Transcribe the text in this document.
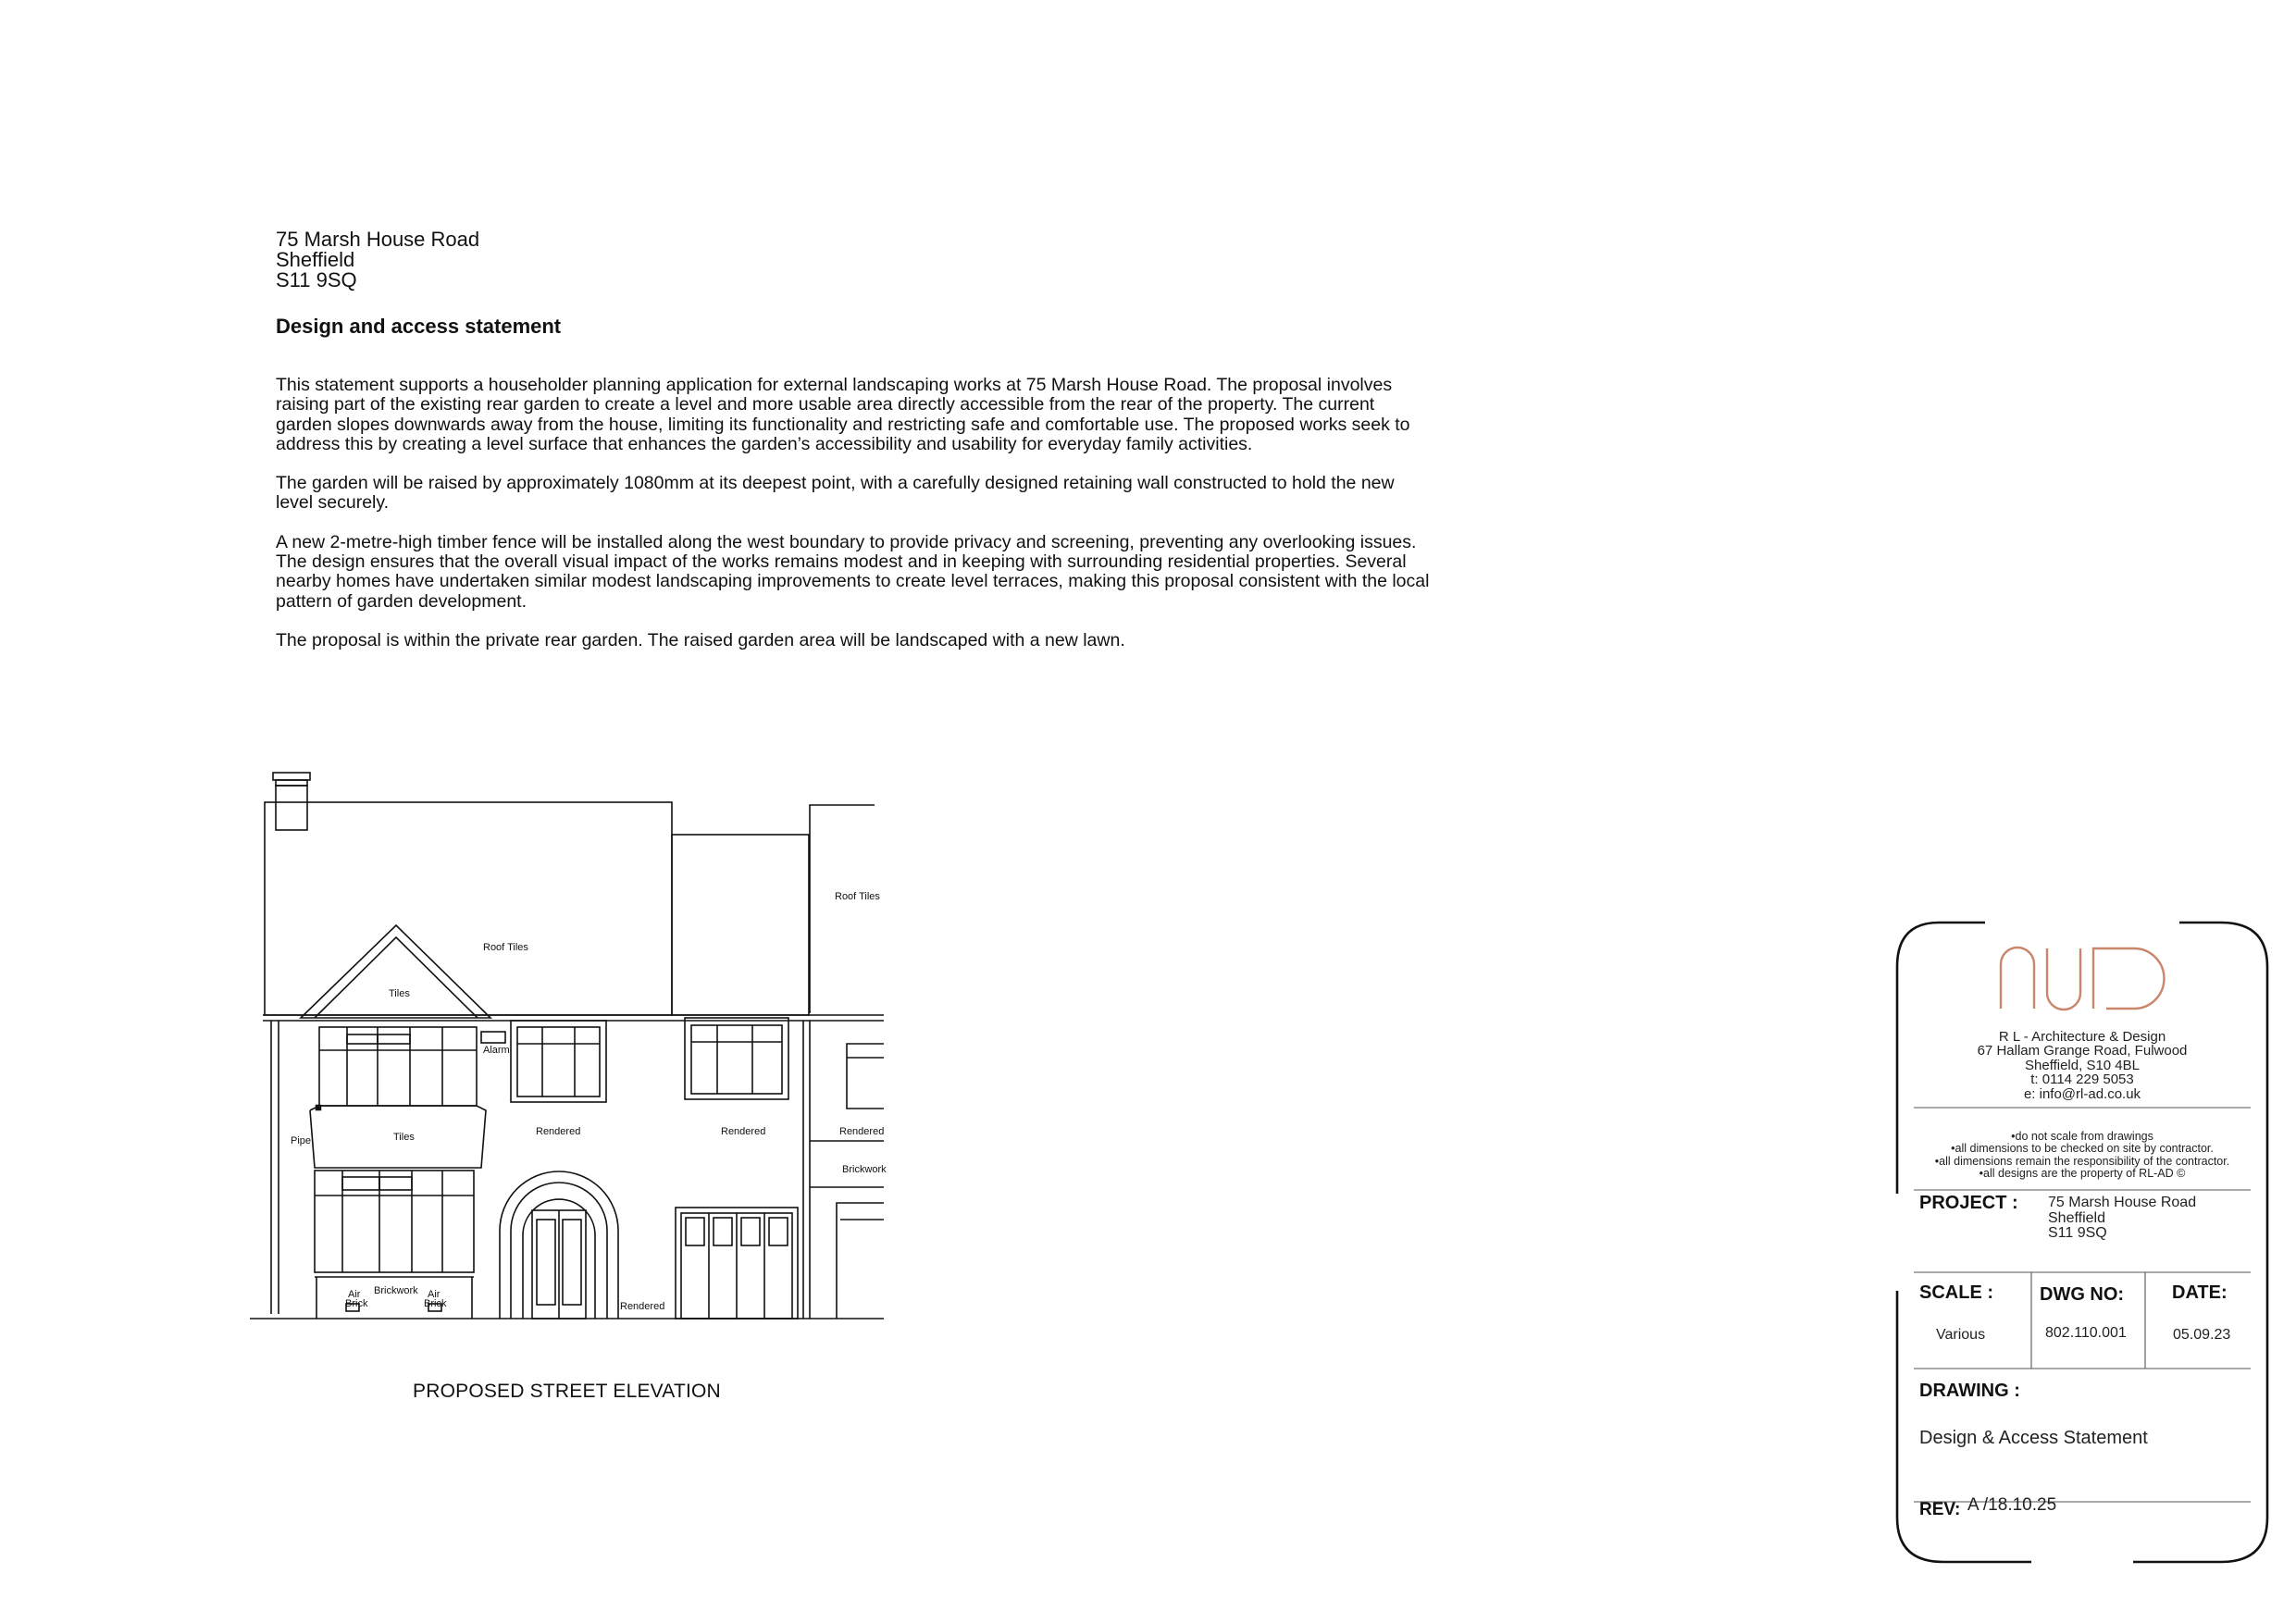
75 Marsh House Road
Sheffield
S11 9SQ
Design and access statement

This statement supports a householder planning application for external landscaping works at 75 Marsh House Road. The proposal involves raising part of the existing rear garden to create a level and more usable area directly accessible from the rear of the property. The current garden slopes downwards away from the house, limiting its functionality and restricting safe and comfortable use. The proposed works seek to address this by creating a level surface that enhances the garden’s accessibility and usability for everyday family activities.

The garden will be raised by approximately 1080mm at its deepest point, with a carefully designed retaining wall constructed to hold the new level securely.

A new 2-metre-high timber fence will be installed along the west boundary to provide privacy and screening, preventing any overlooking issues. The design ensures that the overall visual impact of the works remains modest and in keeping with surrounding residential properties. Several nearby homes have undertaken similar modest landscaping improvements to create level terraces, making this proposal consistent with the local pattern of garden development.

The proposal is within the private rear garden. The raised garden area will be landscaped with a new lawn.

Roof Tiles
Roof Tiles
Tiles
Tiles
Alarm
Pipe
Rendered	Rendered	Rendered
Rendered
Brickwork
Brickwork
Air
Brick
Air
Brick
PROPOSED STREET ELEVATION
R L - Architecture & Design
67 Hallam Grange Road, Fulwood
Sheffield, S10 4BL
t: 0114 229 5053
e: info@rl-ad.co.uk
•do not scale from drawings
•all dimensions to be checked on site by contractor.
•all dimensions remain the responsibility of the contractor.
•all designs are the property of RL-AD ©
PROJECT : 75 Marsh House Road
Sheffield
S11 9SQ
SCALE :	DWG NO:	DATE:
Various	802.110.001	05.09.23
DRAWING :
Design & Access Statement
REV: A /18.10.25
